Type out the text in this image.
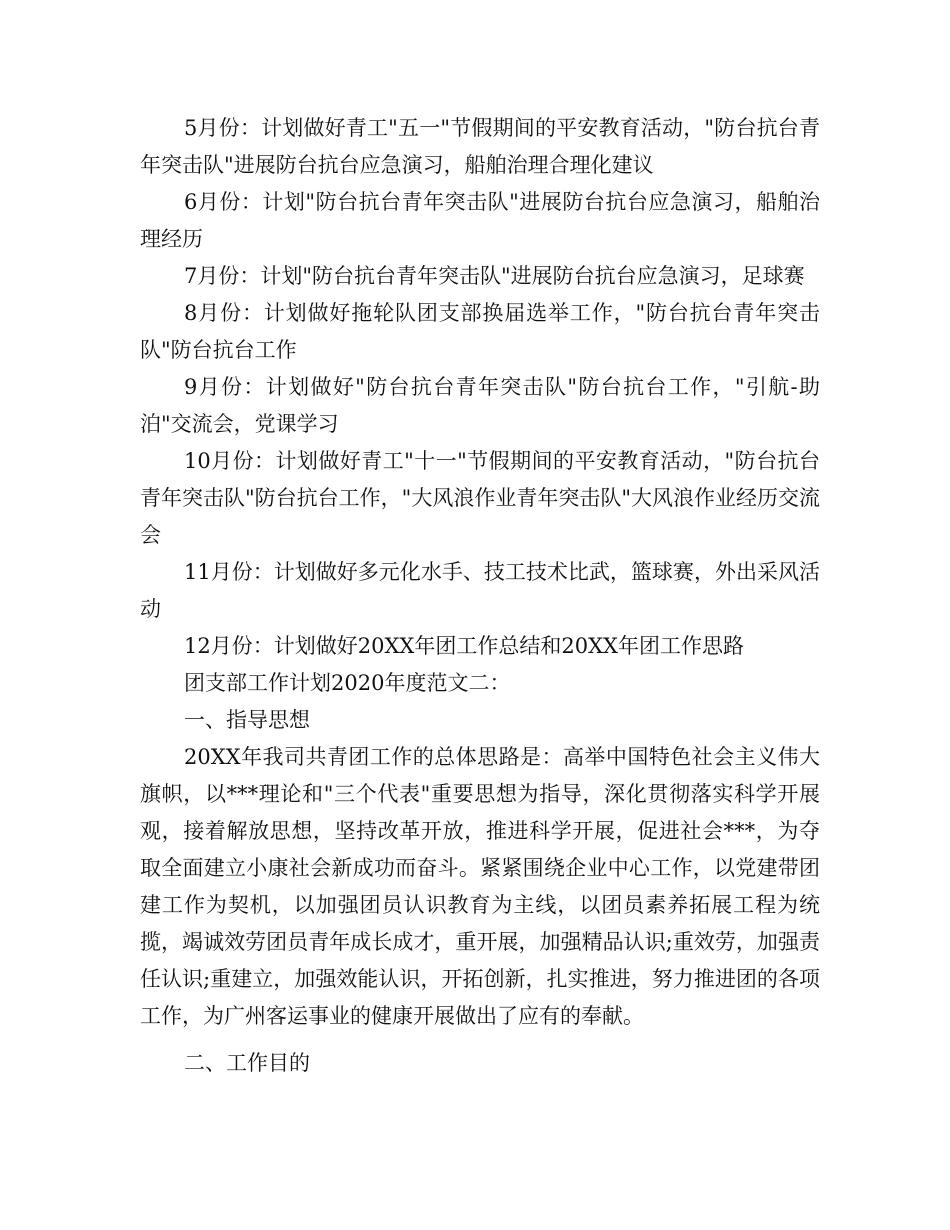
5月份：计划做好青工"五一"节假期间的平安教育活动，"防台抗台青年突击队"进展防台抗台应急演习，船舶治理合理化建议

6月份：计划"防台抗台青年突击队"进展防台抗台应急演习，船舶治理经历

7月份：计划"防台抗台青年突击队"进展防台抗台应急演习，足球赛

8月份：计划做好拖轮队团支部换届选举工作，"防台抗台青年突击队"防台抗台工作

9月份：计划做好"防台抗台青年突击队"防台抗台工作，"引航-助泊"交流会，党课学习

10月份：计划做好青工"十一"节假期间的平安教育活动，"防台抗台青年突击队"防台抗台工作，"大风浪作业青年突击队"大风浪作业经历交流会

11月份：计划做好多元化水手、技工技术比武，篮球赛，外出采风活动

12月份：计划做好20XX年团工作总结和20XX年团工作思路

团支部工作计划2020年度范文二：

一、指导思想

20XX年我司共青团工作的总体思路是：高举中国特色社会主义伟大旗帜，以***理论和"三个代表"重要思想为指导，深化贯彻落实科学开展观，接着解放思想，坚持改革开放，推进科学开展，促进社会***，为夺取全面建立小康社会新成功而奋斗。紧紧围绕企业中心工作，以党建带团建工作为契机，以加强团员认识教育为主线，以团员素养拓展工程为统揽，竭诚效劳团员青年成长成才，重开展，加强精品认识;重效劳，加强责任认识;重建立，加强效能认识，开拓创新，扎实推进，努力推进团的各项工作，为广州客运事业的健康开展做出了应有的奉献。

二、工作目的
